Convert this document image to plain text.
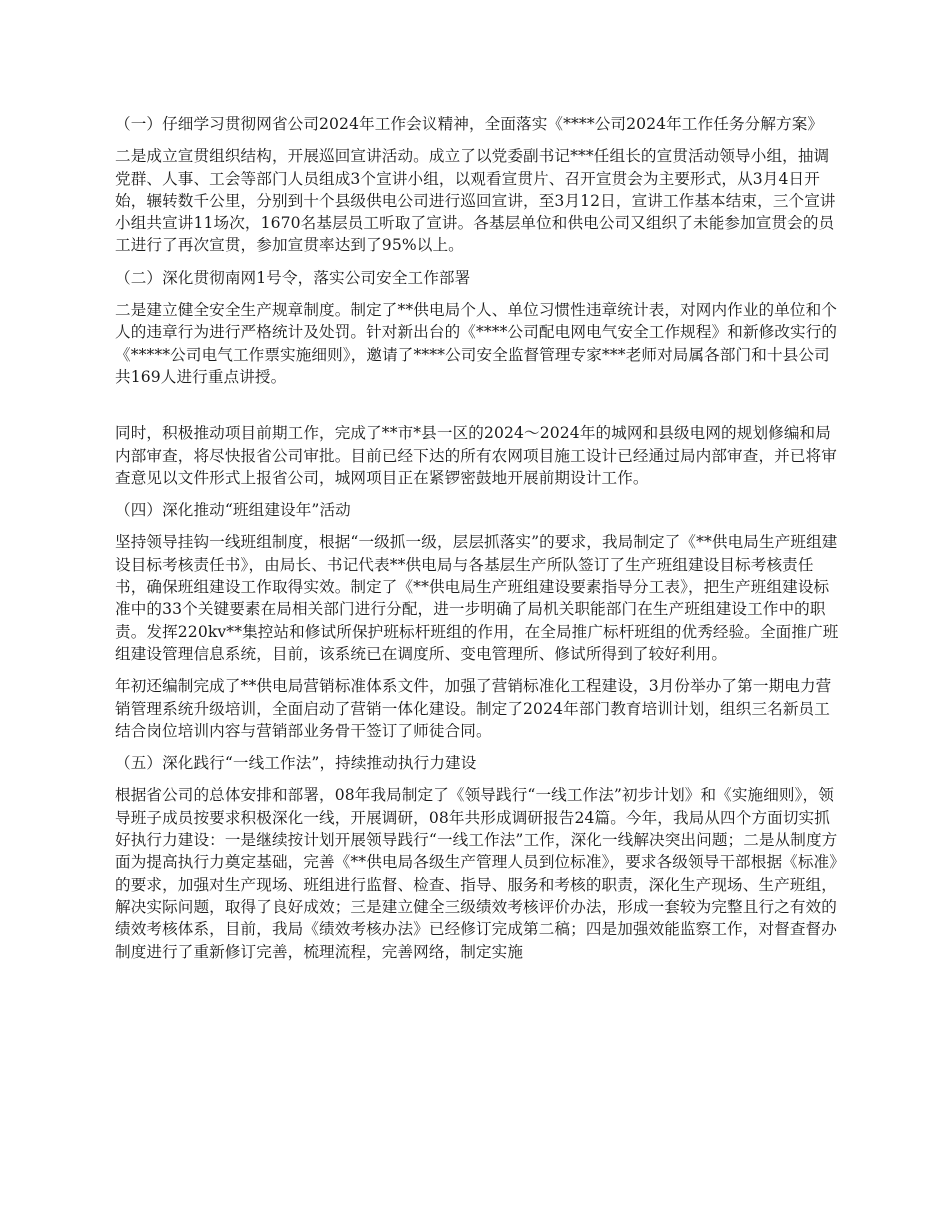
（一）仔细学习贯彻网省公司2024年工作会议精神，全面落实《****公司2024年工作任务分解方案》

二是成立宣贯组织结构，开展巡回宣讲活动。成立了以党委副书记***任组长的宣贯活动领导小组，抽调党群、人事、工会等部门人员组成3个宣讲小组，以观看宣贯片、召开宣贯会为主要形式，从3月4日开始，辗转数千公里，分别到十个县级供电公司进行巡回宣讲，至3月12日，宣讲工作基本结束，三个宣讲小组共宣讲11场次，1670名基层员工听取了宣讲。各基层单位和供电公司又组织了未能参加宣贯会的员工进行了再次宣贯，参加宣贯率达到了95%以上。

（二）深化贯彻南网1号令，落实公司安全工作部署

二是建立健全安全生产规章制度。制定了**供电局个人、单位习惯性违章统计表，对网内作业的单位和个人的违章行为进行严格统计及处罚。针对新出台的《****公司配电网电气安全工作规程》和新修改实行的《*****公司电气工作票实施细则》，邀请了****公司安全监督管理专家***老师对局属各部门和十县公司共169人进行重点讲授。

同时，积极推动项目前期工作，完成了**市*县一区的2024～2024年的城网和县级电网的规划修编和局内部审查，将尽快报省公司审批。目前已经下达的所有农网项目施工设计已经通过局内部审查，并已将审查意见以文件形式上报省公司，城网项目正在紧锣密鼓地开展前期设计工作。

（四）深化推动“班组建设年”活动

坚持领导挂钩一线班组制度，根据“一级抓一级，层层抓落实”的要求，我局制定了《**供电局生产班组建设目标考核责任书》，由局长、书记代表**供电局与各基层生产所队签订了生产班组建设目标考核责任书，确保班组建设工作取得实效。制定了《**供电局生产班组建设要素指导分工表》，把生产班组建设标准中的33个关键要素在局相关部门进行分配，进一步明确了局机关职能部门在生产班组建设工作中的职责。发挥220kv**集控站和修试所保护班标杆班组的作用，在全局推广标杆班组的优秀经验。全面推广班组建设管理信息系统，目前，该系统已在调度所、变电管理所、修试所得到了较好利用。

年初还编制完成了**供电局营销标准体系文件，加强了营销标准化工程建设，3月份举办了第一期电力营销管理系统升级培训，全面启动了营销一体化建设。制定了2024年部门教育培训计划，组织三名新员工结合岗位培训内容与营销部业务骨干签订了师徒合同。

（五）深化践行“一线工作法”，持续推动执行力建设

根据省公司的总体安排和部署，08年我局制定了《领导践行“一线工作法”初步计划》和《实施细则》，领导班子成员按要求积极深化一线，开展调研，08年共形成调研报告24篇。今年，我局从四个方面切实抓好执行力建设：一是继续按计划开展领导践行“一线工作法”工作，深化一线解决突出问题；二是从制度方面为提高执行力奠定基础，完善《**供电局各级生产管理人员到位标准》，要求各级领导干部根据《标准》的要求，加强对生产现场、班组进行监督、检查、指导、服务和考核的职责，深化生产现场、生产班组，解决实际问题，取得了良好成效；三是建立健全三级绩效考核评价办法，形成一套较为完整且行之有效的绩效考核体系，目前，我局《绩效考核办法》已经修订完成第二稿；四是加强效能监察工作，对督查督办制度进行了重新修订完善，梳理流程，完善网络，制定实施
